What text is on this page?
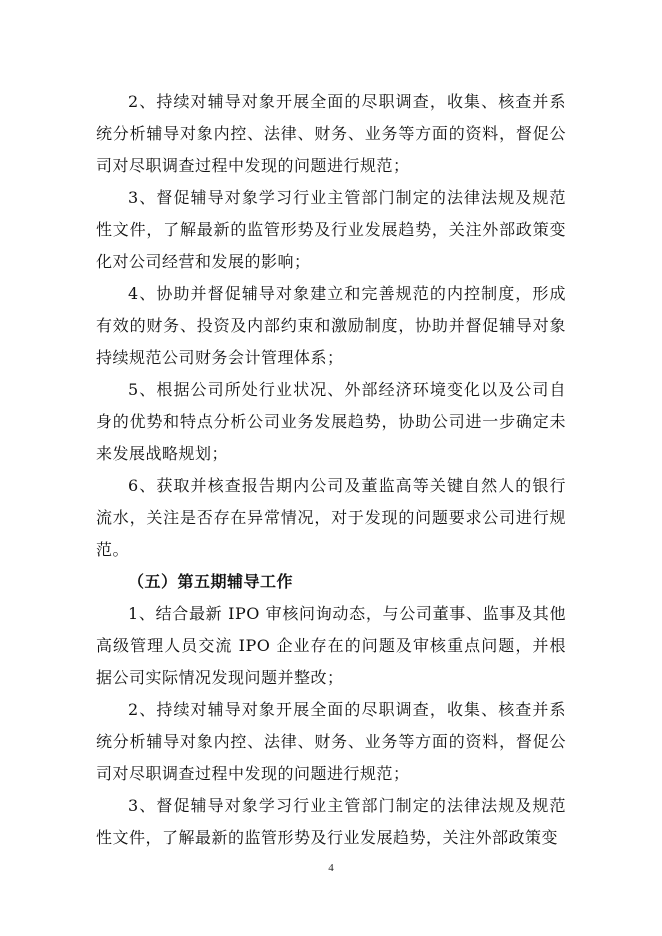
2、持续对辅导对象开展全面的尽职调查，收集、核查并系统分析辅导对象内控、法律、财务、业务等方面的资料，督促公司对尽职调查过程中发现的问题进行规范；

3、督促辅导对象学习行业主管部门制定的法律法规及规范性文件，了解最新的监管形势及行业发展趋势，关注外部政策变化对公司经营和发展的影响；

4、协助并督促辅导对象建立和完善规范的内控制度，形成有效的财务、投资及内部约束和激励制度，协助并督促辅导对象持续规范公司财务会计管理体系；

5、根据公司所处行业状况、外部经济环境变化以及公司自身的优势和特点分析公司业务发展趋势，协助公司进一步确定未来发展战略规划；

6、获取并核查报告期内公司及董监高等关键自然人的银行流水，关注是否存在异常情况，对于发现的问题要求公司进行规范。

（五）第五期辅导工作

1、结合最新 IPO 审核问询动态，与公司董事、监事及其他高级管理人员交流 IPO 企业存在的问题及审核重点问题，并根据公司实际情况发现问题并整改；

2、持续对辅导对象开展全面的尽职调查，收集、核查并系统分析辅导对象内控、法律、财务、业务等方面的资料，督促公司对尽职调查过程中发现的问题进行规范；

3、督促辅导对象学习行业主管部门制定的法律法规及规范性文件，了解最新的监管形势及行业发展趋势，关注外部政策变

4
